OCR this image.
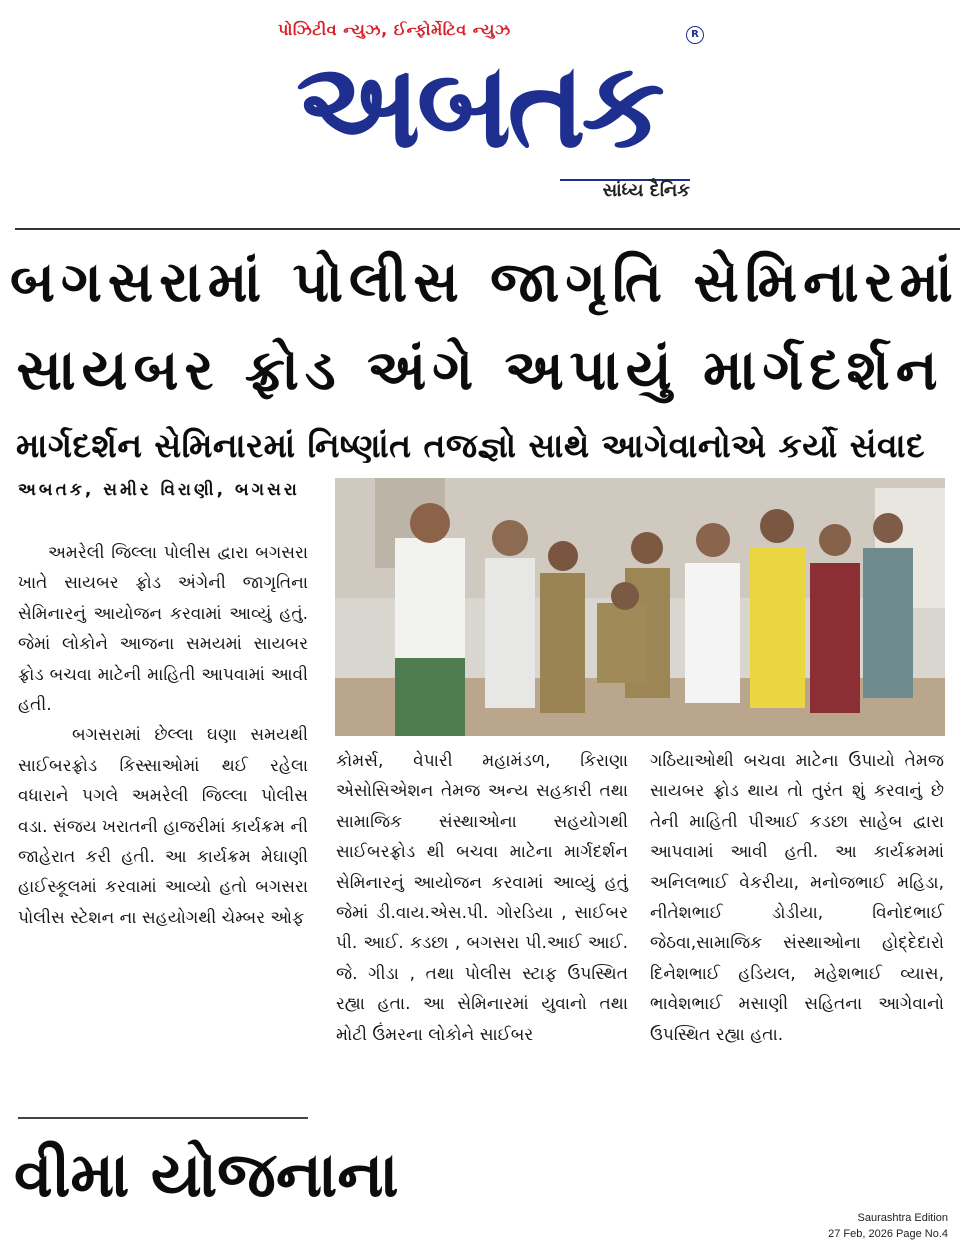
પોઝિટીવ ન્યુઝ, ઈન્ફોર્મેટિવ ન્યુઝ	R
અબતક
સાંધ્ય દૈનિક
બગસરામાં પોલીસ જાગૃતિ સેમિનારમાં
સાયબર ફ્રોડ અંગે અપાયું માર્ગદર્શન
માર્ગદર્શન સેમિનારમાં નિષ્ણાંત તજજ્ઞો સાથે આગેવાનોએ કર્યો સંવાદ
અબતક, સમીર વિરાણી, બગસરા

અમરેલી જિલ્લા પોલીસ દ્વારા બગસરા ખાતે સાયબર ફ્રોડ અંગેની જાગૃતિના સેમિનારનું આયોજન કરવામાં આવ્યું હતું. જેમાં લોકોને આજના સમયમાં સાયબર ફ્રોડ બચવા માટેની માહિતી આપવામાં આવી હતી.

બગસરામાં છેલ્લા ઘણા સમયથી સાઈબરફ્રોડ કિસ્સાઓમાં થઈ રહેલા વધારાને પગલે અમરેલી જિલ્લા પોલીસ વડા. સંજય ખરાતની હાજરીમાં કાર્યક્રમ ની જાહેરાત કરી હતી. આ કાર્યક્રમ મેઘાણી હાઈસ્કૂલમાં કરવામાં આવ્યો હતો બગસરા પોલીસ સ્ટેશન ના સહયોગથી ચેમ્બર ઓફ

વીમા યોજનાના
કોમર્સ, વેપારી મહામંડળ, કિરાણા એસોસિએશન તેમજ અન્ય સહકારી તથા સામાજિક સંસ્થાઓના સહયોગથી સાઈબરફ્રોડ થી બચવા માટેના માર્ગદર્શન સેમિનારનું આયોજન કરવામાં આવ્યું હતું જેમાં ડી.વાય.એસ.પી. ગોરડિયા , સાઈબર પી. આઈ. કડછા , બગસરા પી.આઈ આઈ. જે. ગીડા , તથા પોલીસ સ્ટાફ ઉપસ્થિત રહ્યા હતા. આ સેમિનારમાં યુવાનો તથા મોટી ઉંમરના લોકોને સાઈબર
ગઠિયાઓથી બચવા માટેના ઉપાયો તેમજ સાયબર ફ્રોડ થાય તો તુરંત શું કરવાનું છે તેની માહિતી પીઆઈ કડછા સાહેબ દ્વારા આપવામાં આવી હતી. આ કાર્યક્રમમાં અનિલભાઈ વેકરીયા, મનોજભાઈ મહિડા, નીતેશભાઈ ડોડીયા, વિનોદભાઈ જેઠવા,સામાજિક સંસ્થાઓના હોદ્દેદારો દિનેશભાઈ હડિયલ, મહેશભાઈ વ્યાસ, ભાવેશભાઈ મસાણી સહિતના આગેવાનો ઉપસ્થિત રહ્યા હતા.
Saurashtra Edition
27 Feb, 2026 Page No.4
